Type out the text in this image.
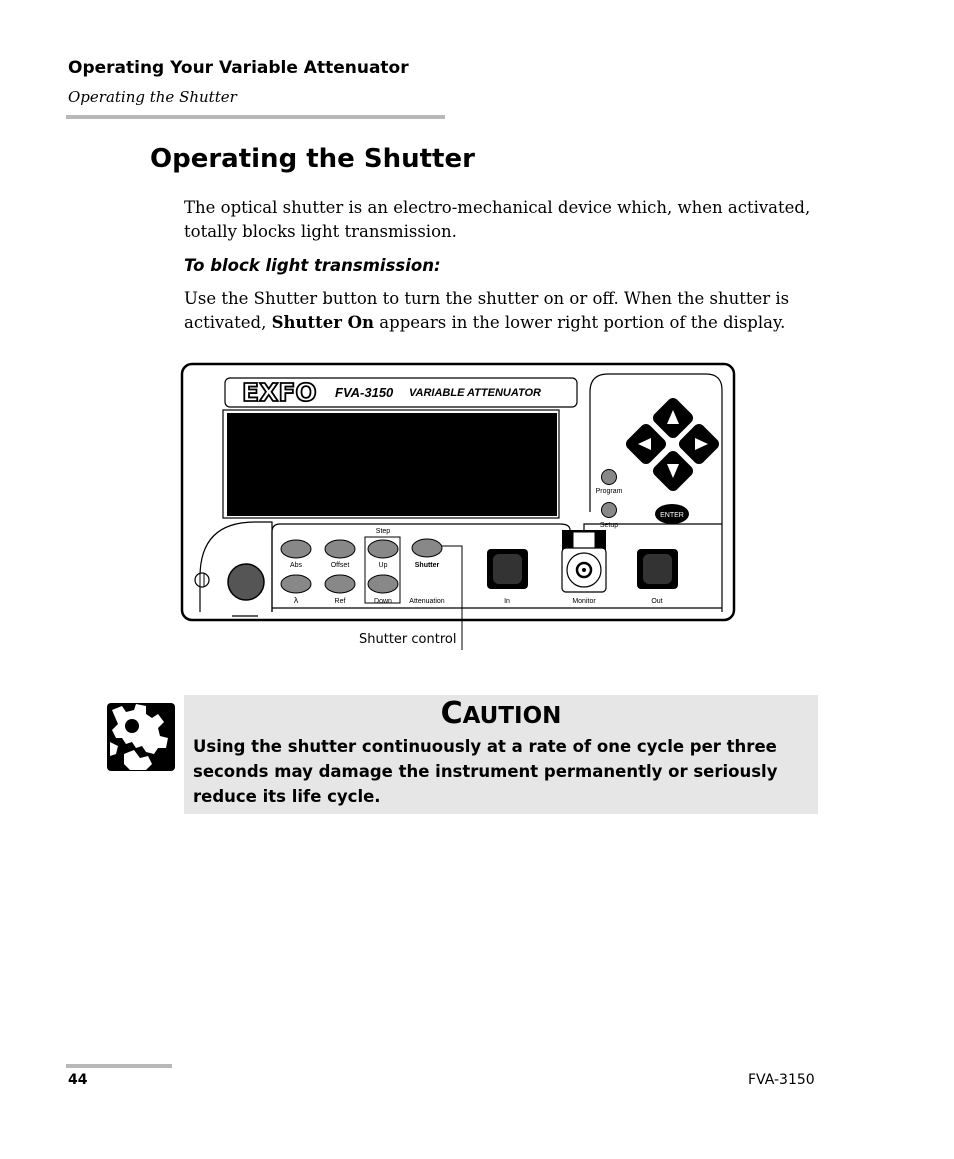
Operating Your Variable Attenuator
Operating the Shutter
Operating the Shutter
The optical shutter is an electro-mechanical device which, when activated, totally blocks light transmission.
To block light transmission:
Use the Shutter button to turn the shutter on or off. When the shutter is activated, Shutter On appears in the lower right portion of the display.
EXFO FVA-3150 VARIABLE ATTENUATOR
Program
Setup
ENTER
Step
Abs	Offset	Up	Shutter
λ	Ref	Down Attenuation	In	Monitor	Out
Shutter control
CAUTION
Using the shutter continuously at a rate of one cycle per three seconds may damage the instrument permanently or seriously reduce its life cycle.
44	FVA-3150
